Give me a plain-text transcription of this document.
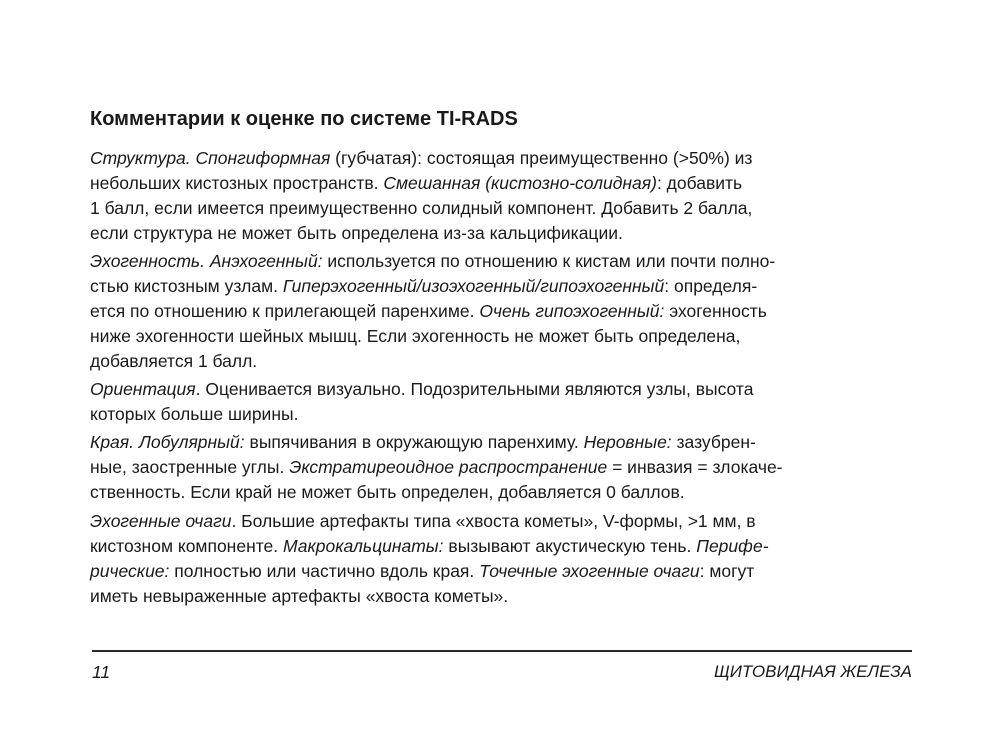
Комментарии к оценке по системе TI-RADS

Структура. Спонгиформная (губчатая): состоящая преимущественно (>50%) из
небольших кистозных пространств. Смешанная (кистозно-солидная): добавить
1 балл, если имеется преимущественно солидный компонент. Добавить 2 балла,
если структура не может быть определена из-за кальцификации.

Эхогенность. Анэхогенный: используется по отношению к кистам или почти полно-
стью кистозным узлам. Гиперэхогенный/изоэхогенный/гипоэхогенный: определя-
ется по отношению к прилегающей паренхиме. Очень гипоэхогенный: эхогенность
ниже эхогенности шейных мышц. Если эхогенность не может быть определена,
добавляется 1 балл.

Ориентация. Оценивается визуально. Подозрительными являются узлы, высота
которых больше ширины.

Края. Лобулярный: выпячивания в окружающую паренхиму. Неровные: зазубрен-
ные, заостренные углы. Экстратиреоидное распространение = инвазия = злокаче-
ственность. Если край не может быть определен, добавляется 0 баллов.

Эхогенные очаги. Большие артефакты типа «хвоста кометы», V-формы, >1 мм, в
кистозном компоненте. Макрокальцинаты: вызывают акустическую тень. Перифе-
рические: полностью или частично вдоль края. Точечные эхогенные очаги: могут
иметь невыраженные артефакты «хвоста кометы».

11	ЩИТОВИДНАЯ ЖЕЛЕЗА
